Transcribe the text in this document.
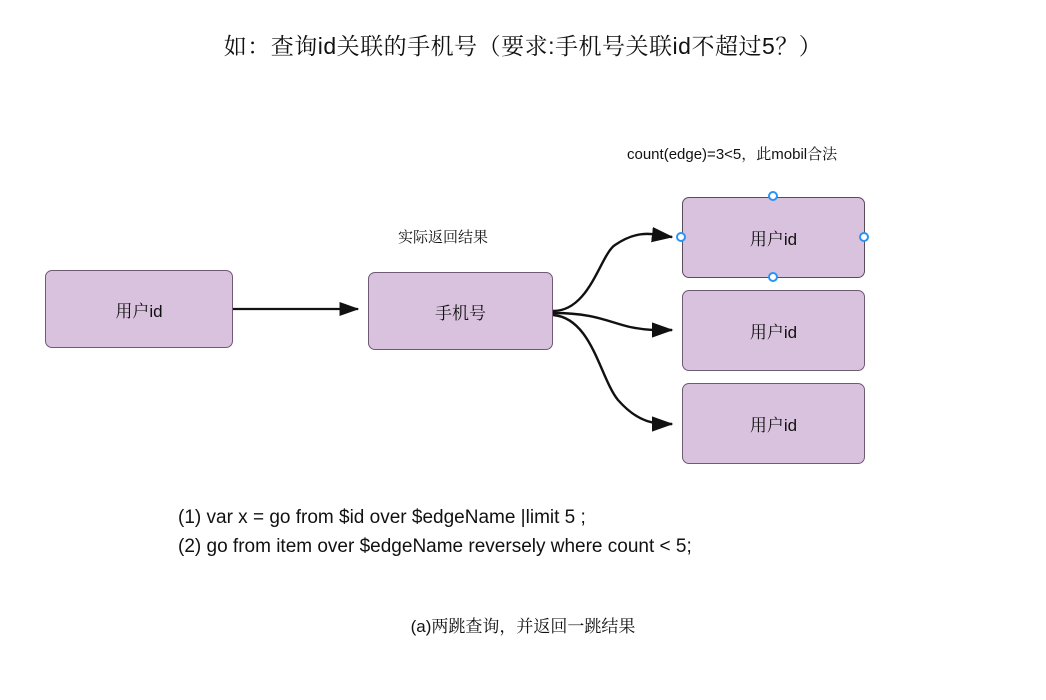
如：查询id关联的手机号（要求:手机号关联id不超过5？）
count(edge)=3<5，此mobil合法
实际返回结果
用户id	手机号
用户id
用户id
用户id
(1) var x = go from $id over $edgeName |limit 5 ;
(2) go from item over $edgeName reversely where count < 5;
(a)两跳查询，并返回一跳结果
